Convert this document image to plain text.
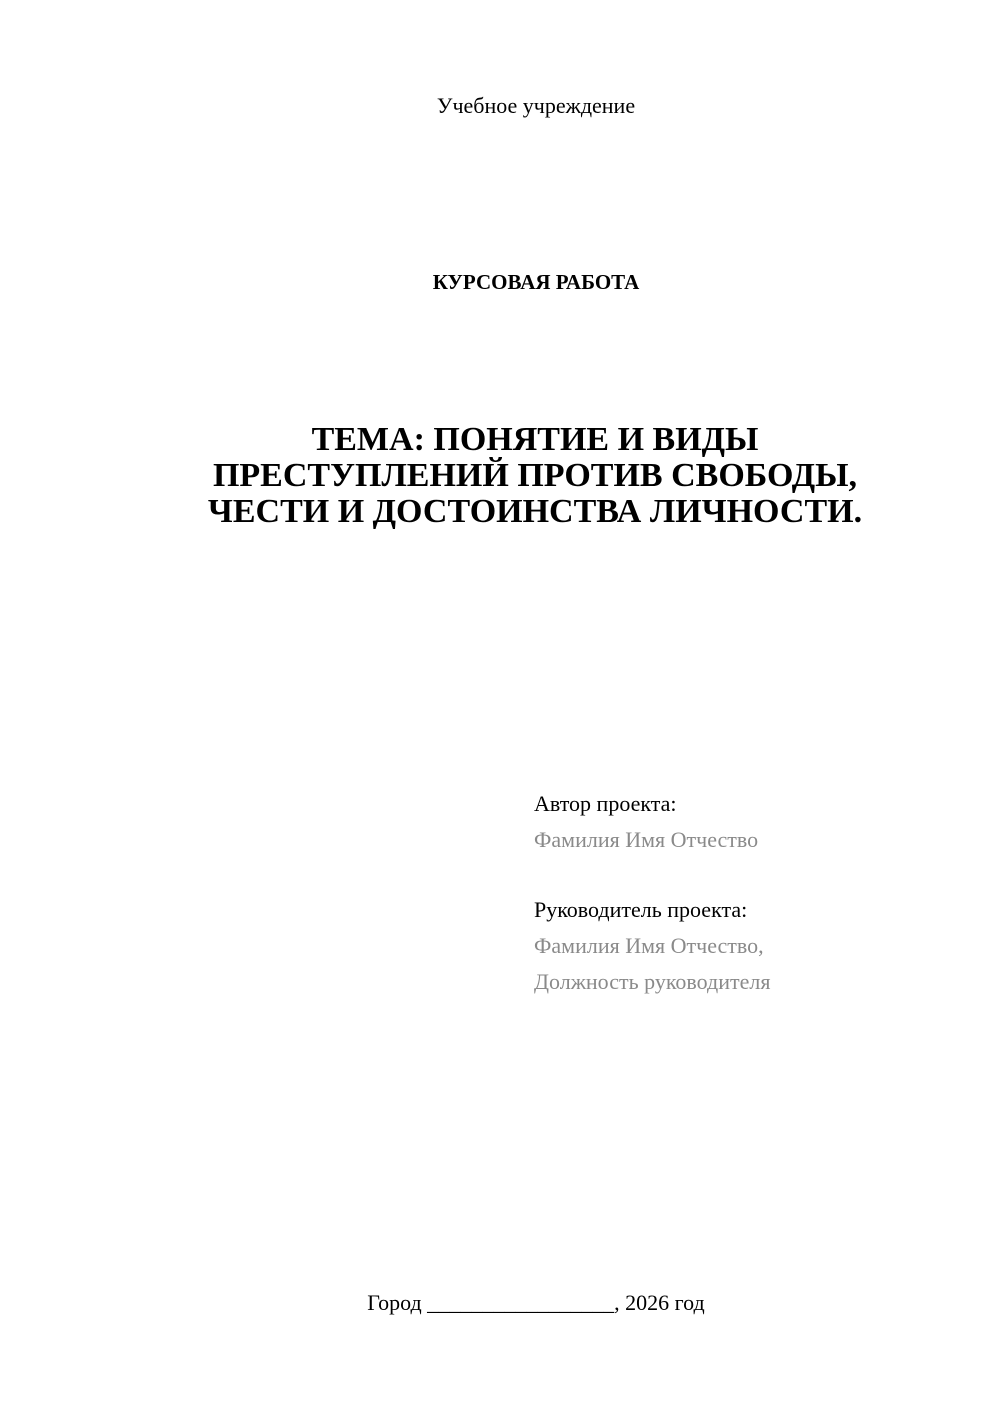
Учебное учреждение
КУРСОВАЯ РАБОТА
ТЕМА: ПОНЯТИЕ И ВИДЫ
ПРЕСТУПЛЕНИЙ ПРОТИВ СВОБОДЫ,
ЧЕСТИ И ДОСТОИНСТВА ЛИЧНОСТИ.
Автор проекта:
Фамилия Имя Отчество
Руководитель проекта:
Фамилия Имя Отчество,
Должность руководителя
Город _________________, 2026 год
